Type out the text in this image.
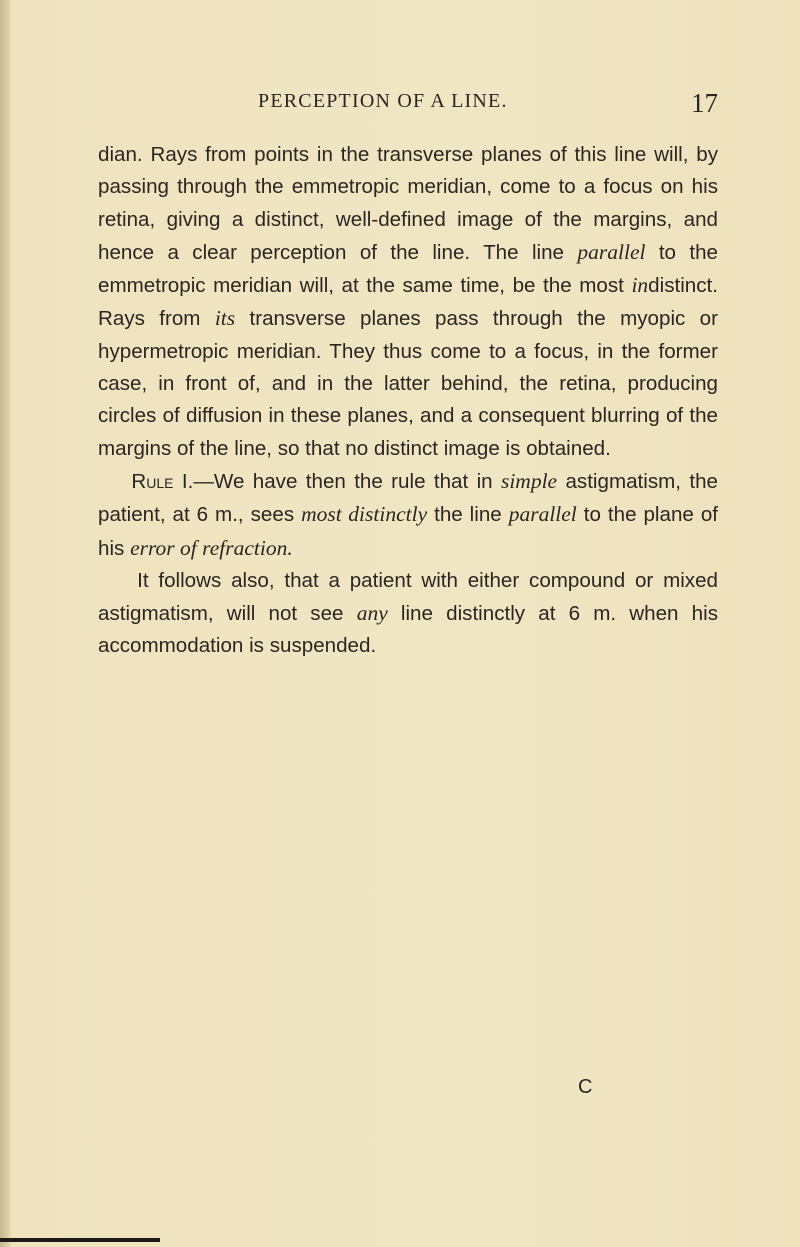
PERCEPTION OF A LINE.	17

dian. Rays from points in the transverse planes of this line will, by passing through the emmetropic meridian, come to a focus on his retina, giving a distinct, well-defined image of the margins, and hence a clear perception of the line. The line parallel to the emmetropic meridian will, at the same time, be the most indistinct. Rays from its transverse planes pass through the myopic or hypermetropic meridian. They thus come to a focus, in the former case, in front of, and in the latter behind, the retina, producing circles of diffusion in these planes, and a consequent blurring of the margins of the line, so that no distinct image is obtained.

Rule I.—We have then the rule that in simple astigmatism, the patient, at 6 m., sees most distinctly the line parallel to the plane of his error of refraction.

It follows also, that a patient with either compound or mixed astigmatism, will not see any line distinctly at 6 m. when his accommodation is suspended.

C
